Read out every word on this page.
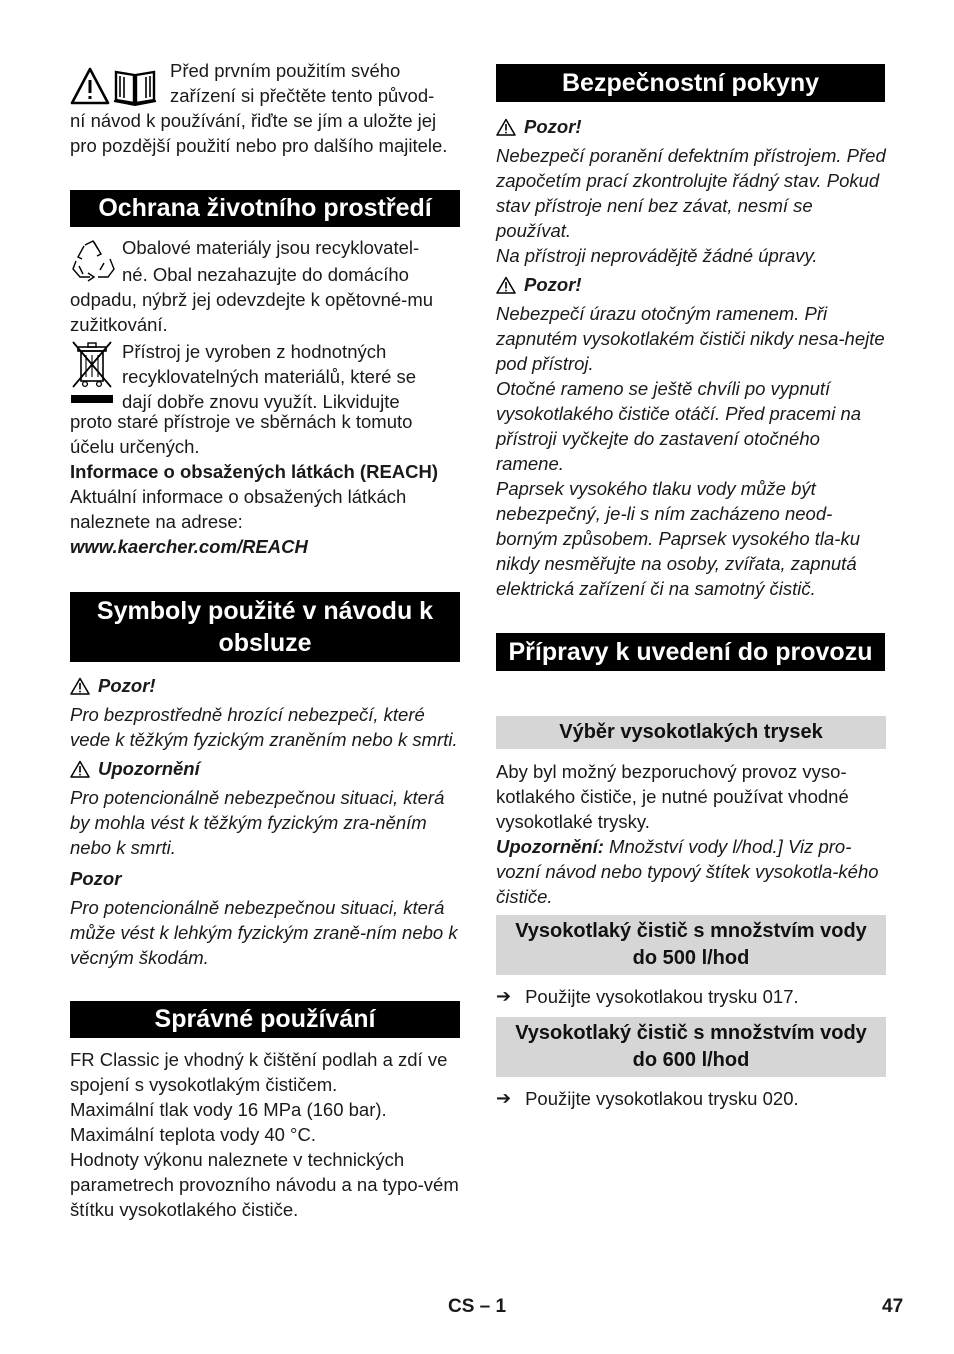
Před prvním použitím svého

zařízení si přečtěte tento původ-

ní návod k používání, řiďte se jím a uložte jej pro pozdější použití nebo pro dalšího majitele.

Ochrana životního prostředí

Obalové materiály jsou recyklovatel-

né. Obal nezahazujte do domácího odpadu, nýbrž jej odevzdejte k opětovné-mu zužitkování.

Přístroj je vyroben z hodnotných

recyklovatelných materiálů, které se

dají dobře znovu využít. Likvidujte

proto staré přístroje ve sběrnách k tomuto účelu určených.

Informace o obsažených látkách (REACH)

Aktuální informace o obsažených látkách naleznete na adrese:

www.kaercher.com/REACH

Symboly použité v návodu k obsluze
Pozor!

Pro bezprostředně hrozící nebezpečí, které vede k těžkým fyzickým zraněním nebo k smrti.

Upozornění

Pro potencionálně nebezpečnou situaci, která by mohla vést k těžkým fyzickým zra-něním nebo k smrti.

Pozor

Pro potencionálně nebezpečnou situaci, která může vést k lehkým fyzickým zraně-ním nebo k věcným škodám.

Správné používání

FR Classic je vhodný k čištění podlah a zdí ve spojení s vysokotlakým čističem.

Maximální tlak vody 16 MPa (160 bar).

Maximální teplota vody 40 °C.

Hodnoty výkonu naleznete v technických parametrech provozního návodu a na typo-vém štítku vysokotlakého čističe.

Bezpečnostní pokyny
Pozor!

Nebezpečí poranění defektním přístrojem. Před započetím prací zkontrolujte řádný stav. Pokud stav přístroje není bez závat, nesmí se používat.

Na přístroji neprovádějtě žádné úpravy.

Pozor!

Nebezpečí úrazu otočným ramenem. Při zapnutém vysokotlakém čističi nikdy nesa-hejte pod přístroj.

Otočné rameno se ještě chvíli po vypnutí vysokotlakého čističe otáčí. Před pracemi na přístroji vyčkejte do zastavení otočného ramene.

Paprsek vysokého tlaku vody může být nebezpečný, je-li s ním zacházeno neod-borným způsobem. Paprsek vysokého tla-ku nikdy nesměřujte na osoby, zvířata, zapnutá elektrická zařízení či na samotný čistič.

Přípravy k uvedení do provozu
Výběr vysokotlakých trysek

Aby byl možný bezporuchový provoz vyso-kotlakého čističe, je nutné používat vhodné vysokotlaké trysky.

Upozornění: Množství vody l/hod.] Viz pro-vozní návod nebo typový štítek vysokotla-kého čističe.

Vysokotlaký čistič s množstvím vody do 500 l/hod
➔ Použijte vysokotlakou trysku 017.
Vysokotlaký čistič s množstvím vody do 600 l/hod
➔ Použijte vysokotlakou trysku 020.
CS – 1	47
